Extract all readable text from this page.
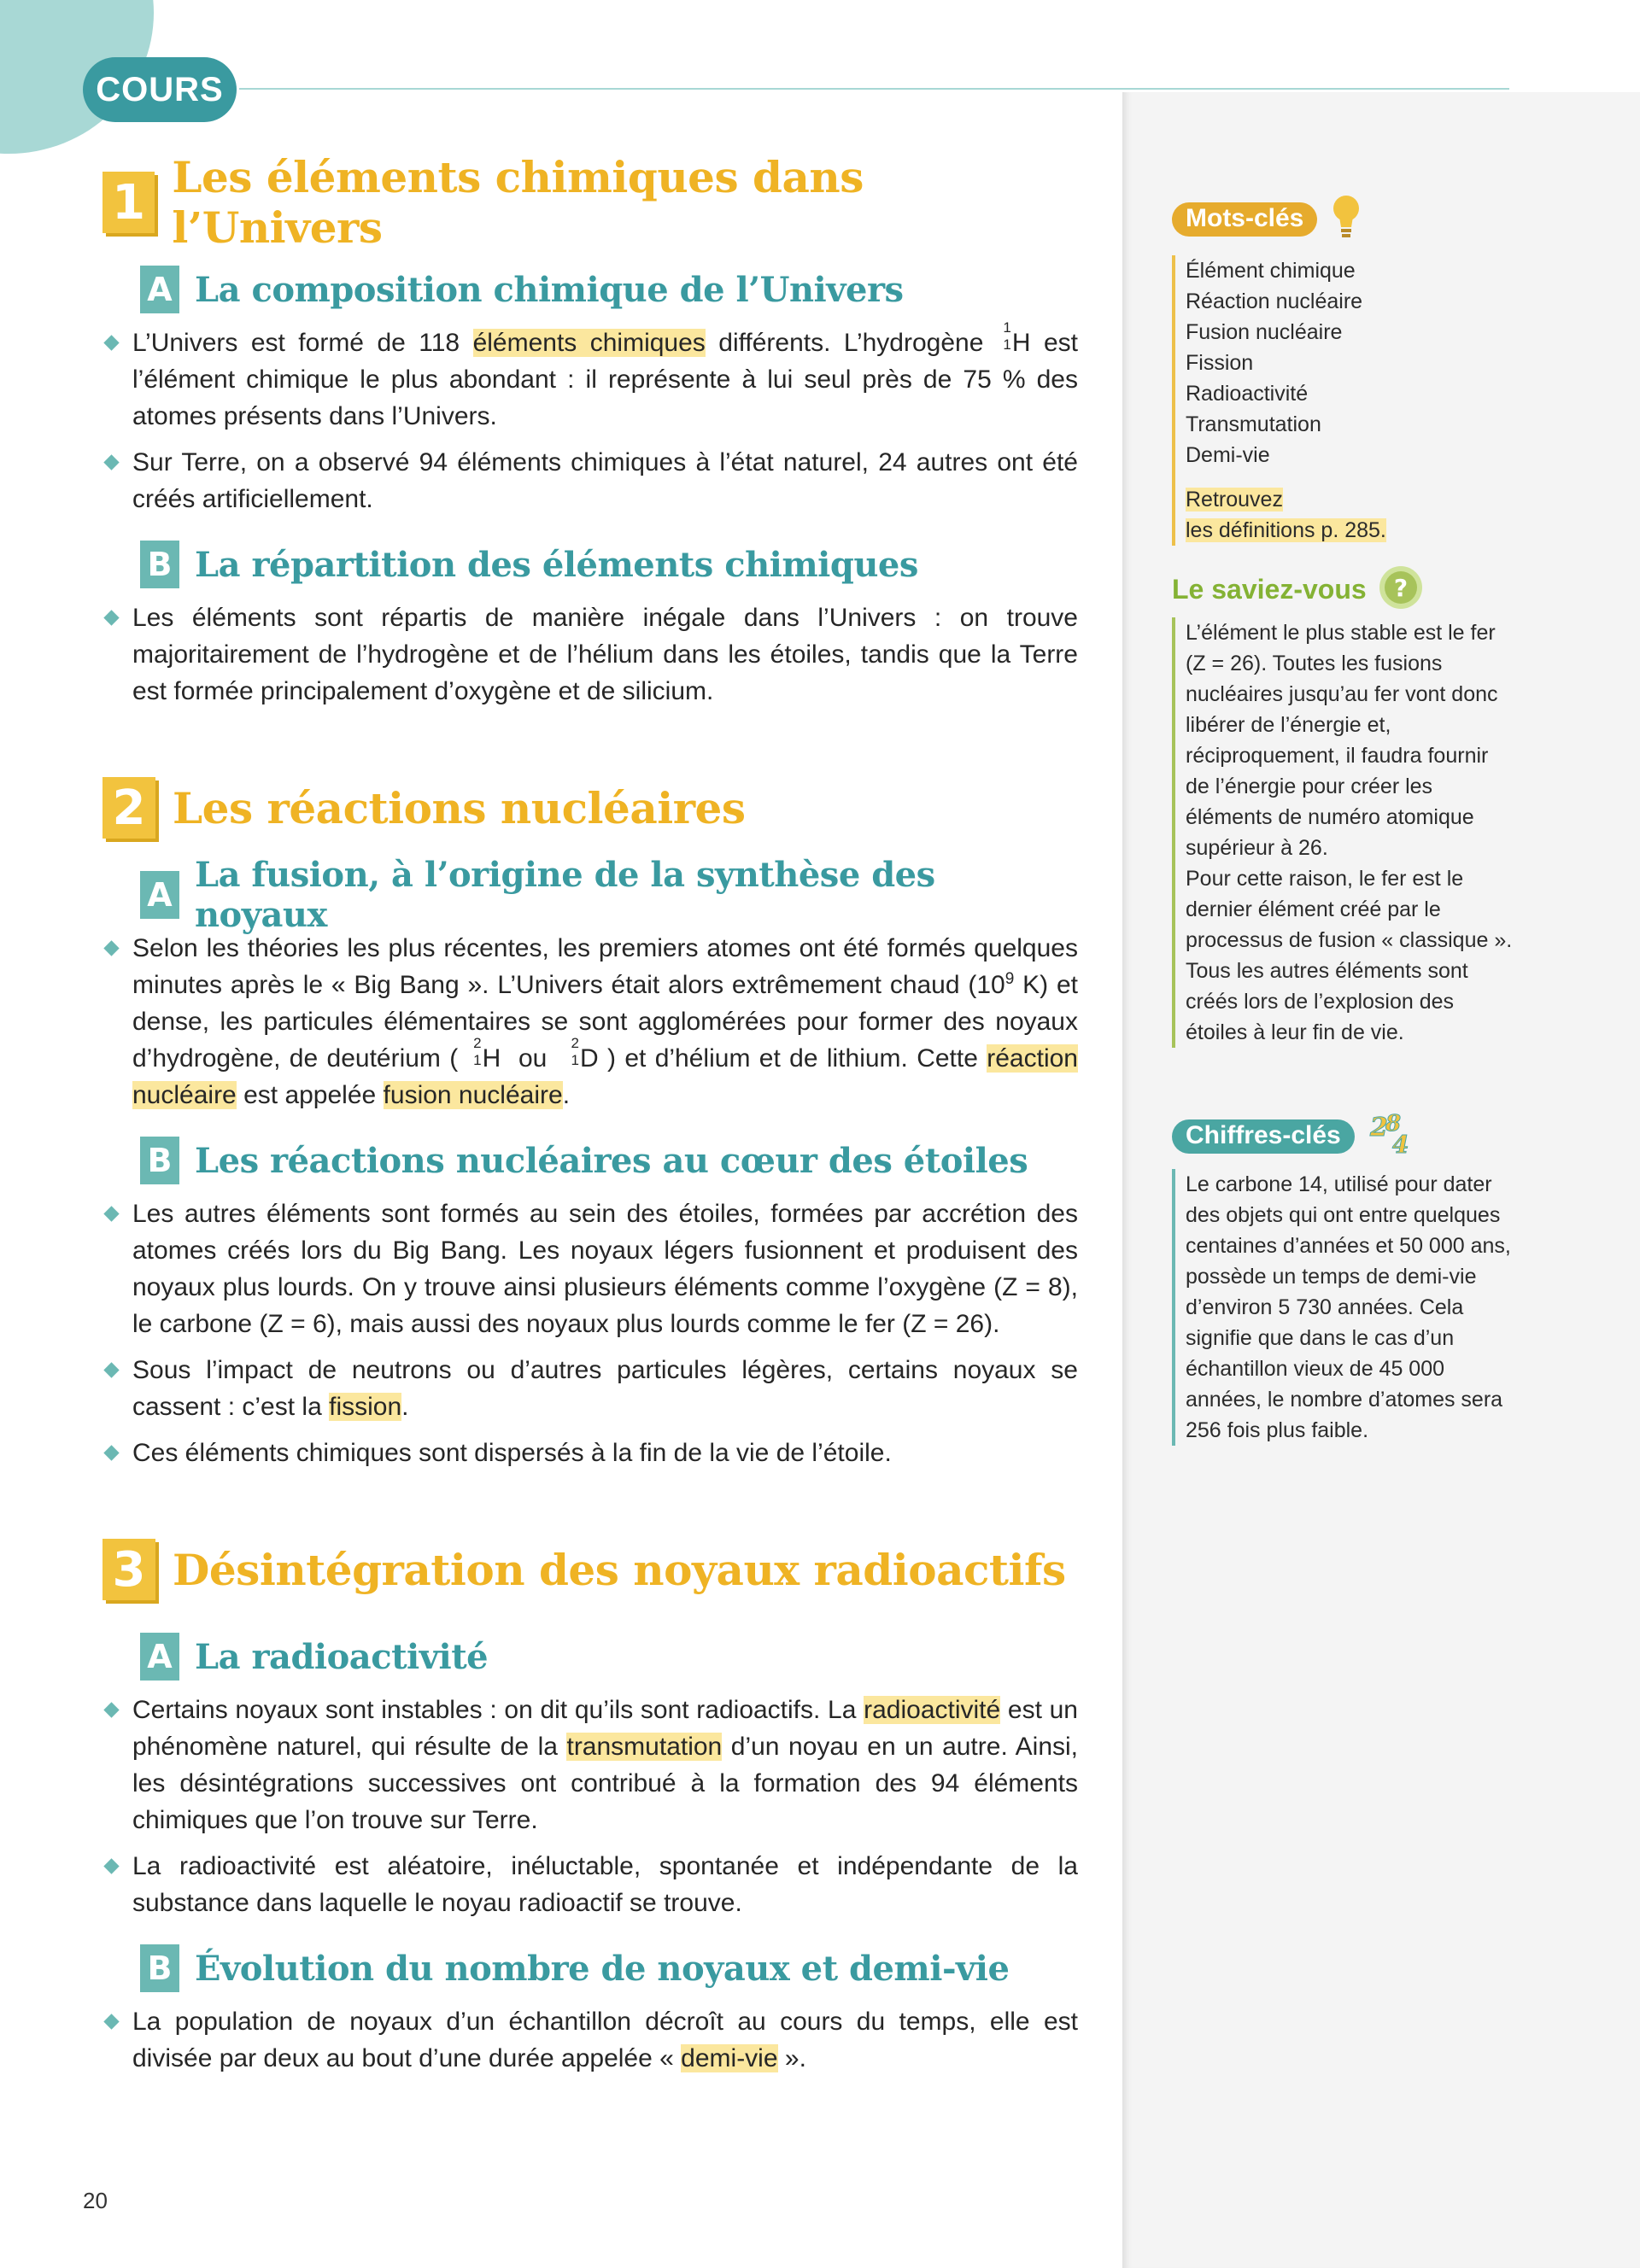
COURS
1 Les éléments chimiques dans l’Univers
A La composition chimique de l’Univers
L’Univers est formé de 118 éléments chimiques différents. L’hydrogène
1
1 H est l’élément chimique le plus abondant : il représente à lui seul près de 75 % des atomes présents dans l’Univers.
Sur Terre, on a observé 94 éléments chimiques à l’état naturel, 24 autres ont été créés artificiellement.
B La répartition des éléments chimiques
Les éléments sont répartis de manière inégale dans l’Univers : on trouve majoritairement de l’hydrogène et de l’hélium dans les étoiles, tandis que la Terre est formée principalement d’oxygène et de silicium.
2 Les réactions nucléaires
A La fusion, à l’origine de la synthèse des noyaux
Selon les théories les plus récentes, les premiers atomes ont été formés quelques minutes après le « Big Bang ». L’Univers était alors extrêmement chaud ($10^9$ K) et dense, les particules élémentaires se sont agglomérées pour former des noyaux d’hydrogène, de deutérium (
2
1 H  ou
2
1 D ) et d’hélium et de lithium. Cette réaction nucléaire est appelée fusion nucléaire.
B Les réactions nucléaires au cœur des étoiles
Les autres éléments sont formés au sein des étoiles, formées par accrétion des atomes créés lors du Big Bang. Les noyaux légers fusionnent et produisent des noyaux plus lourds. On y trouve ainsi plusieurs éléments comme l’oxygène (Z = 8), le carbone (Z = 6), mais aussi des noyaux plus lourds comme le fer (Z = 26).
Sous l’impact de neutrons ou d’autres particules légères, certains noyaux se cassent : c’est la fission.
Ces éléments chimiques sont dispersés à la fin de la vie de l’étoile.
3 Désintégration des noyaux radioactifs
A La radioactivité
Certains noyaux sont instables : on dit qu’ils sont radioactifs. La radioactivité est un phénomène naturel, qui résulte de la transmutation d’un noyau en un autre. Ainsi, les désintégrations successives ont contribué à la formation des 94 éléments chimiques que l’on trouve sur Terre.
La radioactivité est aléatoire, inéluctable, spontanée et indépendante de la substance dans laquelle le noyau radioactif se trouve.
B Évolution du nombre de noyaux et demi-vie
La population de noyaux d’un échantillon décroît au cours du temps, elle est divisée par deux au bout d’une durée appelée « demi-vie ».
20
Mots-clés
Élément chimique
Réaction nucléaire
Fusion nucléaire
Fission
Radioactivité
Transmutation
Demi-vie
Retrouvez
les définitions p. 285.
Le saviez-vous ?

L’élément le plus stable est le fer (Z = 26). Toutes les fusions nucléaires jusqu’au fer vont donc libérer de l’énergie et, réciproquement, il faudra fournir de l’énergie pour créer les éléments de numéro atomique supérieur à 26.

Pour cette raison, le fer est le dernier élément créé par le processus de fusion « classique ». Tous les autres éléments sont créés lors de l’explosion des étoiles à leur fin de vie.

Chiffres-clés 2
8
4

Le carbone 14, utilisé pour dater des objets qui ont entre quelques centaines d’années et 50 000 ans, possède un temps de demi-vie d’environ 5 730 années. Cela signifie que dans le cas d’un échantillon vieux de 45 000 années, le nombre d’atomes sera 256 fois plus faible.
